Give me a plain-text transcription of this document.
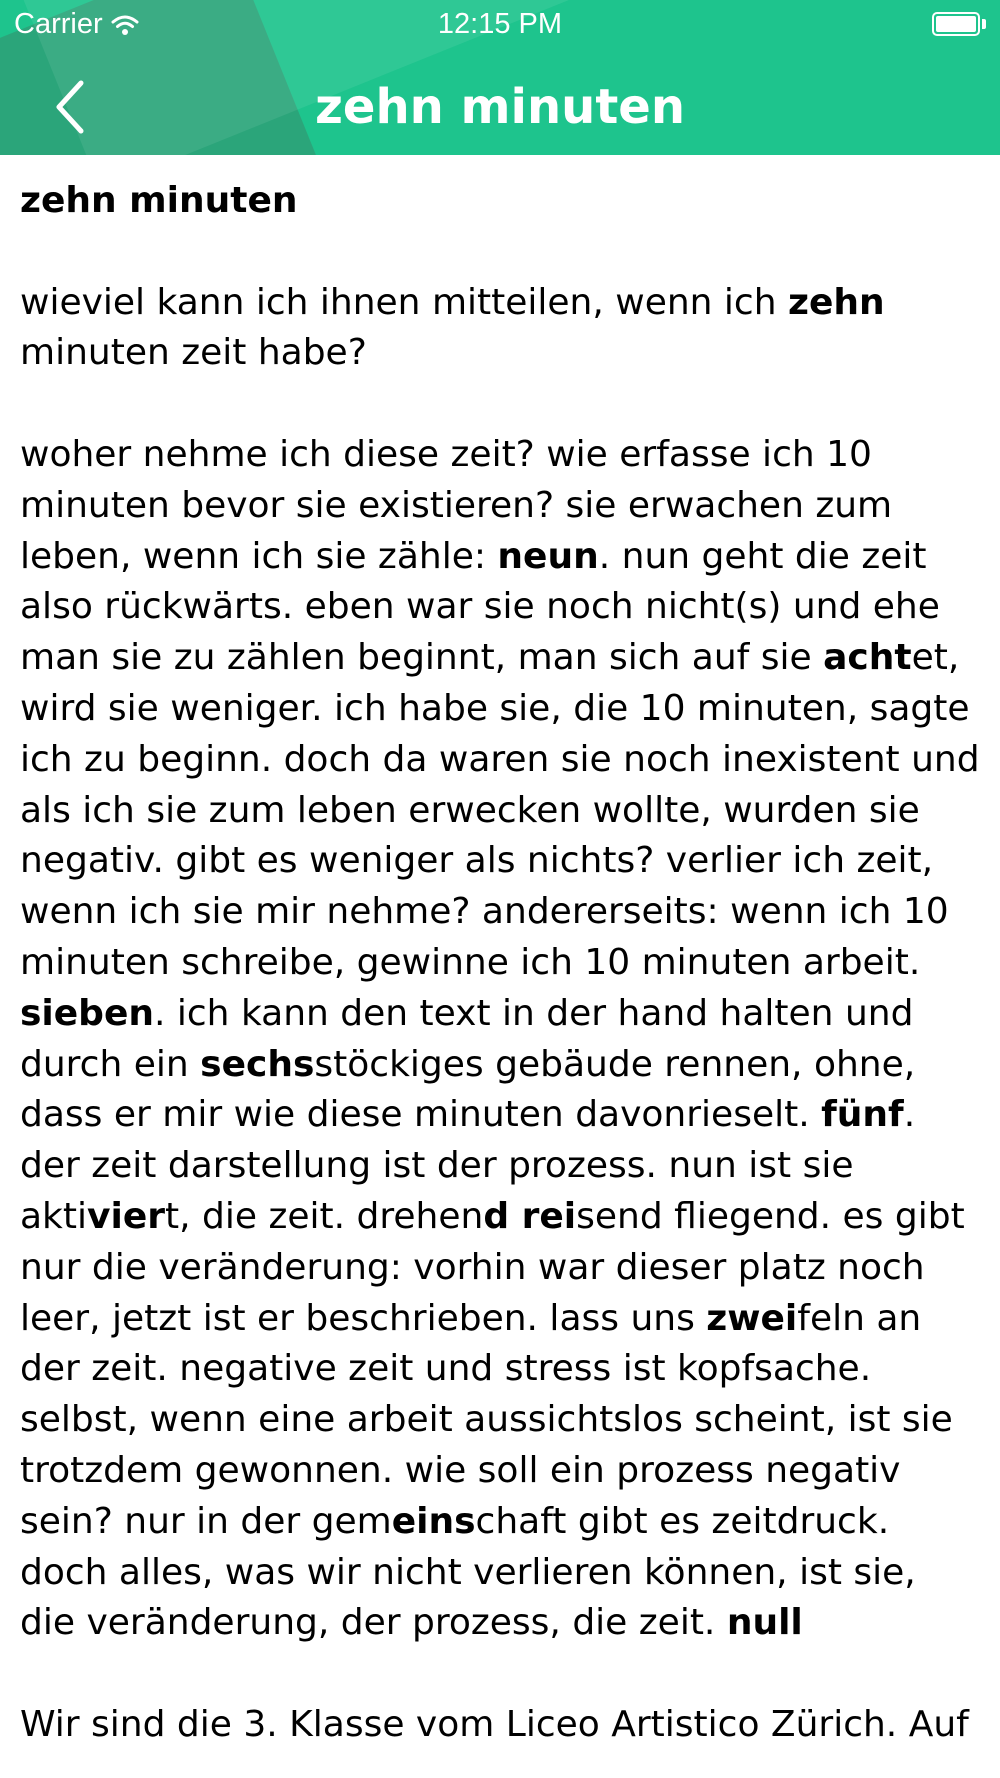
Carrier	12:15 PM
zehn minuten

zehn minuten

wieviel kann ich ihnen mitteilen, wenn ich zehn minuten zeit habe?

woher nehme ich diese zeit? wie erfasse ich 10 minuten bevor sie existieren? sie erwachen zum leben, wenn ich sie zähle: neun. nun geht die zeit also rückwärts. eben war sie noch nicht(s) und ehe man sie zu zählen beginnt, man sich auf sie achtet, wird sie weniger. ich habe sie, die 10 minuten, sagte ich zu beginn. doch da waren sie noch inexistent und als ich sie zum leben erwecken wollte, wurden sie negativ. gibt es weniger als nichts? verlier ich zeit, wenn ich sie mir nehme? andererseits: wenn ich 10 minuten schreibe, gewinne ich 10 minuten arbeit. sieben. ich kann den text in der hand halten und durch ein sechsstöckiges gebäude rennen, ohne, dass er mir wie diese minuten davonrieselt. fünf. der zeit darstellung ist der prozess. nun ist sie aktiviert, die zeit. drehend reisend fliegend. es gibt nur die veränderung: vorhin war dieser platz noch leer, jetzt ist er beschrieben. lass uns zweifeln an der zeit. negative zeit und stress ist kopfsache. selbst, wenn eine arbeit aussichtslos scheint, ist sie trotzdem gewonnen. wie soll ein prozess negativ sein? nur in der gemeinschaft gibt es zeitdruck. doch alles, was wir nicht verlieren können, ist sie, die veränderung, der prozess, die zeit. null

Wir sind die 3. Klasse vom Liceo Artistico Zürich. Auf
